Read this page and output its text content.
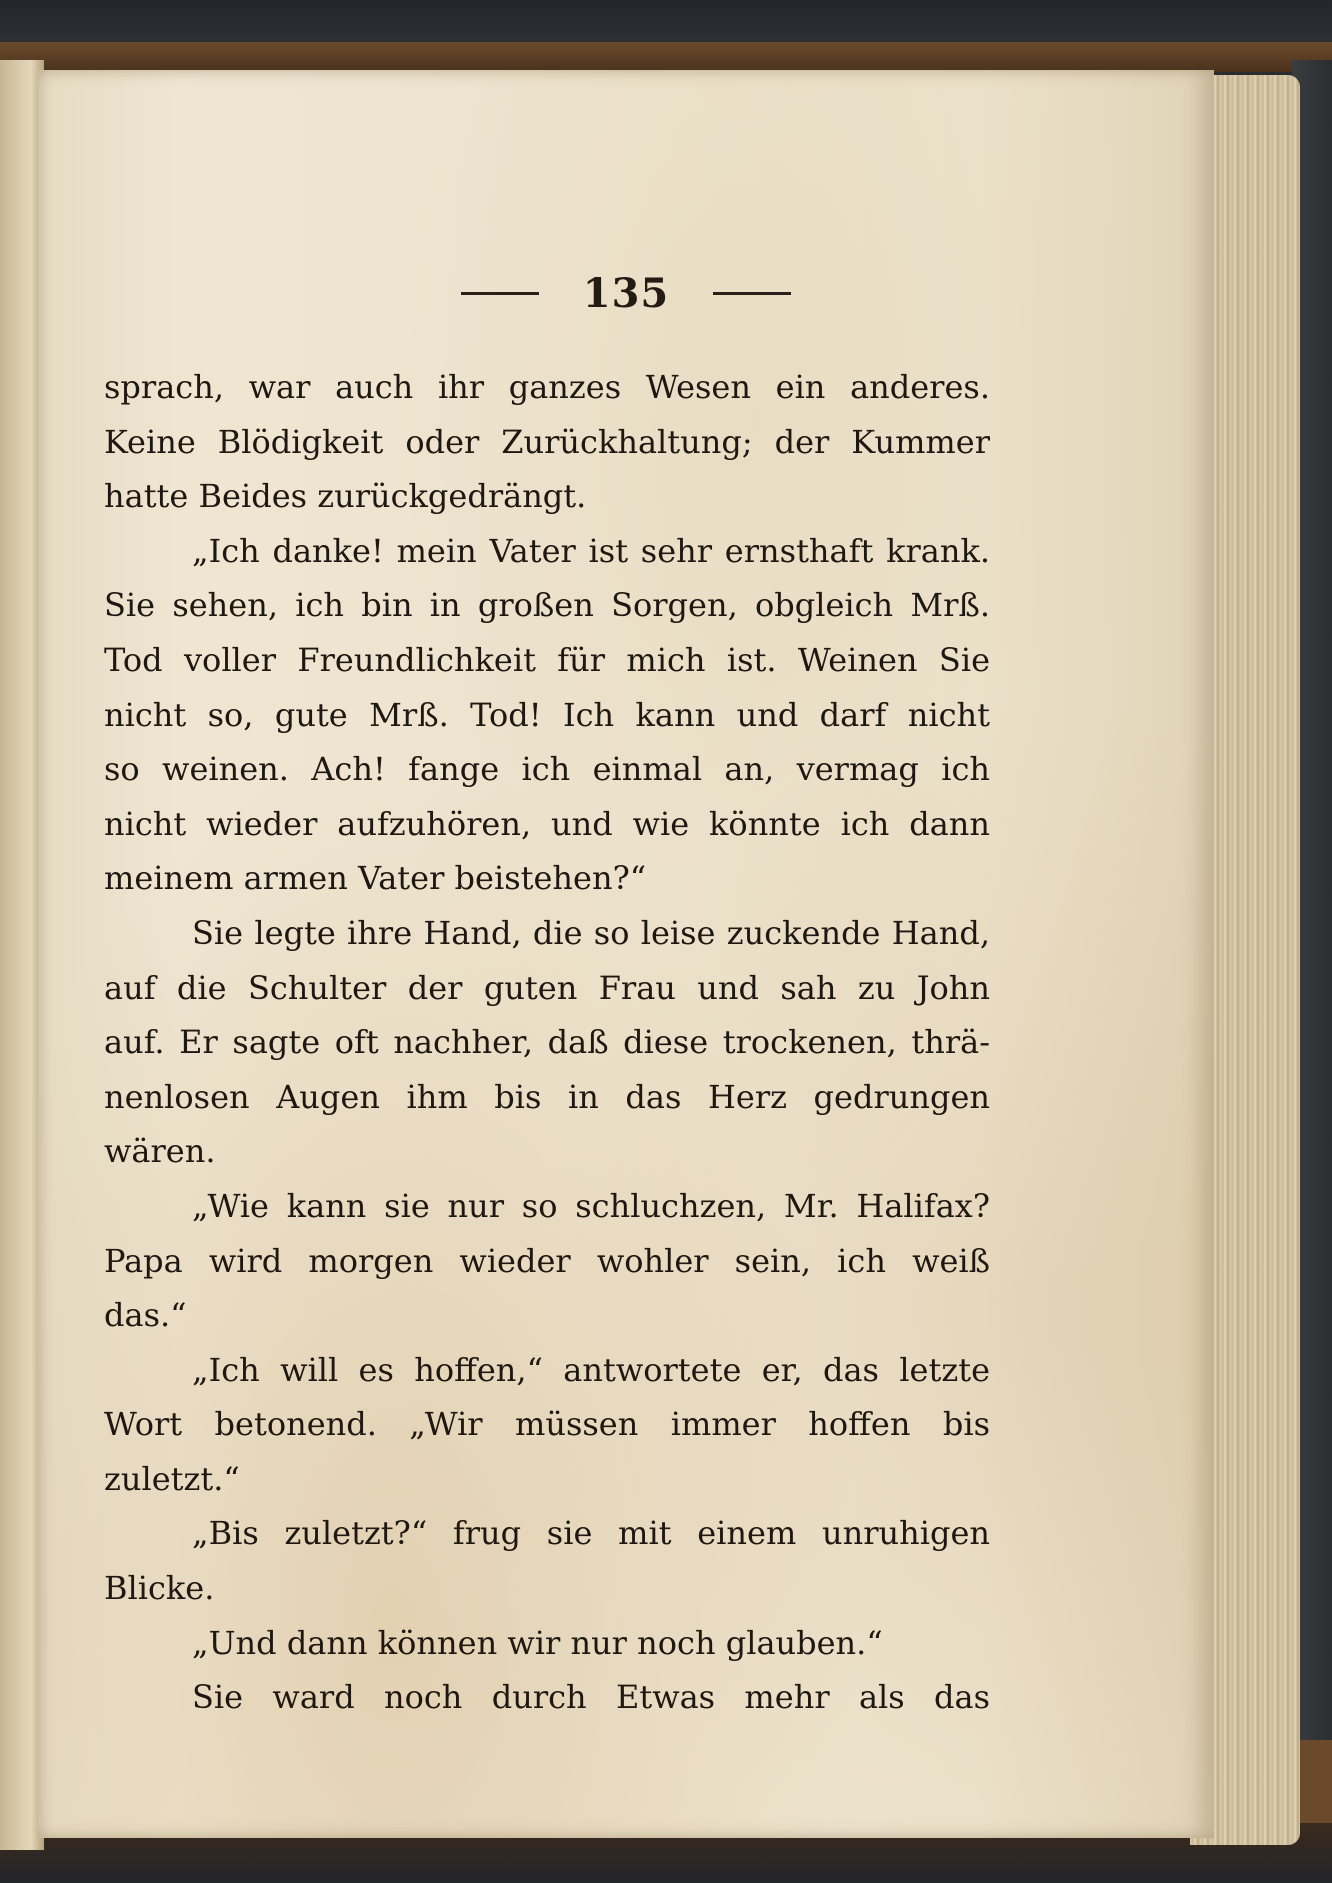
135
sprach, war auch ihr ganzes Wesen ein anderes.
Keine Blödigkeit oder Zurückhaltung; der Kummer
hatte Beides zurückgedrängt.
„Ich danke! mein Vater ist sehr ernsthaft krank.
Sie sehen, ich bin in großen Sorgen, obgleich Mrß.
Tod voller Freundlichkeit für mich ist. Weinen Sie
nicht so, gute Mrß. Tod! Ich kann und darf nicht
so weinen. Ach! fange ich einmal an, vermag ich
nicht wieder aufzuhören, und wie könnte ich dann
meinem armen Vater beistehen?“
Sie legte ihre Hand, die so leise zuckende Hand,
auf die Schulter der guten Frau und sah zu John
auf. Er sagte oft nachher, daß diese trockenen, thrä-
nenlosen Augen ihm bis in das Herz gedrungen
wären.
„Wie kann sie nur so schluchzen, Mr. Halifax?
Papa wird morgen wieder wohler sein, ich weiß
das.“
„Ich will es hoffen,“ antwortete er, das letzte
Wort betonend. „Wir müssen immer hoffen bis
zuletzt.“
„Bis zuletzt?“ frug sie mit einem unruhigen
Blicke.
„Und dann können wir nur noch glauben.“
Sie ward noch durch Etwas mehr als das
